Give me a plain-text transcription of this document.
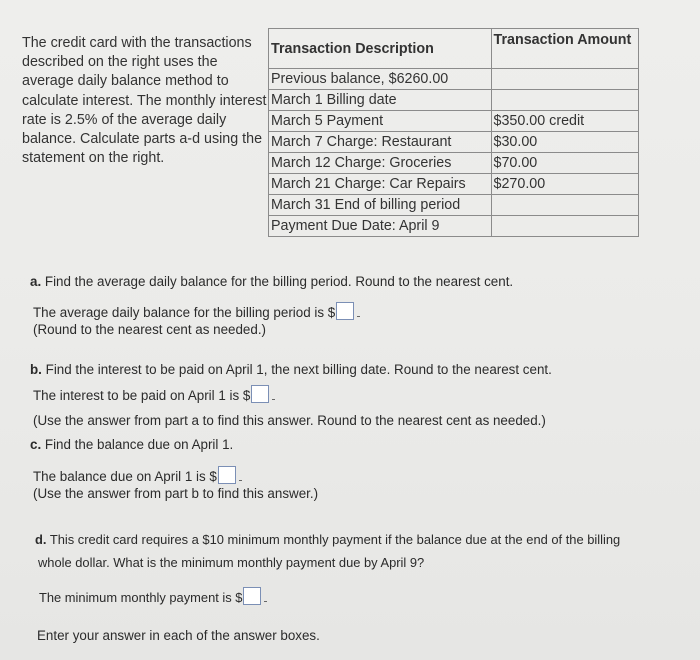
The credit card with the transactions described on the right uses the average daily balance method to calculate interest. The monthly interest rate is 2.5% of the average daily balance. Calculate parts a-d using the statement on the right.
Transaction Description	Transaction Amount
Previous balance, $6260.00	
March 1 Billing date	
March 5 Payment	$350.00 credit
March 7 Charge: Restaurant	$30.00
March 12 Charge: Groceries	$70.00
March 21 Charge: Car Repairs	$270.00
March 31 End of billing period	
Payment Due Date: April 9	
a. Find the average daily balance for the billing period. Round to the nearest cent.
The average daily balance for the billing period is $
(Round to the nearest cent as needed.)
b. Find the interest to be paid on April 1, the next billing date. Round to the nearest cent.
The interest to be paid on April 1 is $
(Use the answer from part a to find this answer. Round to the nearest cent as needed.)
c. Find the balance due on April 1.
The balance due on April 1 is $
(Use the answer from part b to find this answer.)
d. This credit card requires a $10 minimum monthly payment if the balance due at the end of the billing
whole dollar. What is the minimum monthly payment due by April 9?
The minimum monthly payment is $
Enter your answer in each of the answer boxes.
